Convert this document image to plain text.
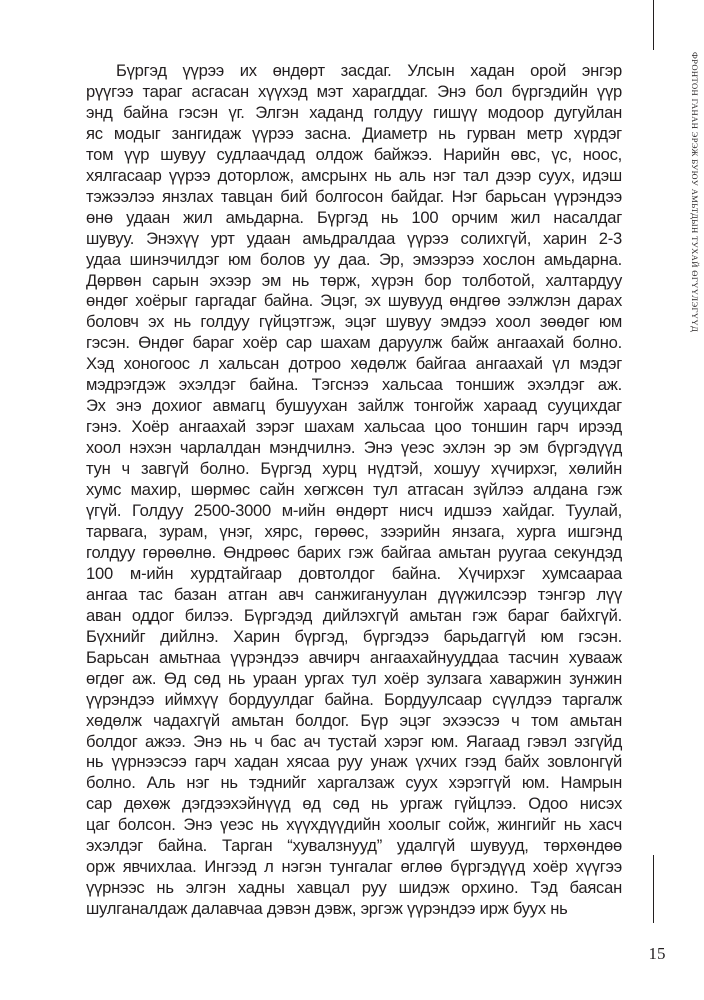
ФРОНТОН ГАНАН ЭРЭЖ БУЮУ АМЬТДЫН ТУХАЙ ӨГҮҮЛЭГҮҮД
Бүргэд үүрээ их өндөрт засдаг. Улсын хадан орой энгэр
рүүгээ тараг асгасан хүүхэд мэт харагддаг. Энэ бол бүргэдийн үүр
энд байна гэсэн үг. Элгэн хаданд голдуу гишүү модоор дугуйлан
яс модыг зангидаж үүрээ засна. Диаметр нь гурван метр хүрдэг
том үүр шувуу судлаачдад олдож байжээ. Нарийн өвс, үс, ноос,
хялгасаар үүрээ доторлож, амсрынх нь аль нэг тал дээр суух, идэш
тэжээлээ янзлах тавцан бий болгосон байдаг. Нэг барьсан үүрэндээ
өнө удаан жил амьдарна. Бүргэд нь 100 орчим жил насалдаг
шувуу. Энэхүү урт удаан амьдралдаа үүрээ солихгүй, харин 2-3
удаа шинэчилдэг юм болов уу даа. Эр, эмээрээ хослон амьдарна.
Дөрвөн сарын эхээр эм нь төрж, хүрэн бор толботой, халтардуу
өндөг хоёрыг гаргадаг байна. Эцэг, эх шувууд өндгөө ээлжлэн дарах
боловч эх нь голдуу гүйцэтгэж, эцэг шувуу эмдээ хоол зөөдөг юм
гэсэн. Өндөг бараг хоёр сар шахам даруулж байж ангаахай болно.
Хэд хоногоос л хальсан дотроо хөдөлж байгаа ангаахай үл мэдэг
мэдрэгдэж эхэлдэг байна. Тэгснээ хальсаа тоншиж эхэлдэг аж.
Эх энэ дохиог авмагц бушуухан зайлж тонгойж хараад сууцихдаг
гэнэ. Хоёр ангаахай зэрэг шахам хальсаа цоо тоншин гарч ирээд
хоол нэхэн чарлалдан мэндчилнэ. Энэ үеэс эхлэн эр эм бүргэдүүд
тун ч завгүй болно. Бүргэд хурц нүдтэй, хошуу хүчирхэг, хөлийн
хумс махир, шөрмөс сайн хөгжсөн тул атгасан зүйлээ алдана гэж
үгүй. Голдуу 2500-3000 м-ийн өндөрт нисч идшээ хайдаг. Туулай,
тарвага, зурам, үнэг, хярс, гөрөөс, зээрийн янзага, хурга ишгэнд
голдуу гөрөөлнө. Өндрөөс барих гэж байгаа амьтан руугаа секундэд
100 м-ийн хурдтайгаар довтолдог байна. Хүчирхэг хумсаараа
ангаа тас базан атган авч санжигануулан дүүжилсээр тэнгэр лүү
аван оддог билээ. Бүргэдэд дийлэхгүй амьтан гэж бараг байхгүй.
Бүхнийг дийлнэ. Харин бүргэд, бүргэдээ барьдаггүй юм гэсэн.
Барьсан амьтнаа үүрэндээ авчирч ангаахайнууддаа тасчин хувааж
өгдөг аж. Өд сөд нь ураан ургах тул хоёр зулзага хаваржин зунжин
үүрэндээ иймхүү бордуулдаг байна. Бордуулсаар сүүлдээ таргалж
хөдөлж чадахгүй амьтан болдог. Бүр эцэг эхээсээ ч том амьтан
болдог ажээ. Энэ нь ч бас ач тустай хэрэг юм. Яагаад гэвэл эзгүйд
нь үүрнээсээ гарч хадан хясаа руу унаж үхчих гээд байх зовлонгүй
болно. Аль нэг нь тэднийг харгалзаж суух хэрэггүй юм. Намрын
сар дөхөж дэгдээхэйнүүд өд сөд нь ургаж гүйцлээ. Одоо нисэх
цаг болсон. Энэ үеэс нь хүүхдүүдийн хоолыг сойж, жингийг нь хасч
эхэлдэг байна. Тарган “хувалзнууд” удалгүй шувууд, төрхөндөө
орж явчихлаа. Ингээд л нэгэн тунгалаг өглөө бүргэдүүд хоёр хүүгээ
үүрнээс нь элгэн хадны хавцал руу шидэж орхино. Тэд баясан
шулганалдаж далавчаа дэвэн дэвж, эргэж үүрэндээ ирж буух нь
15
